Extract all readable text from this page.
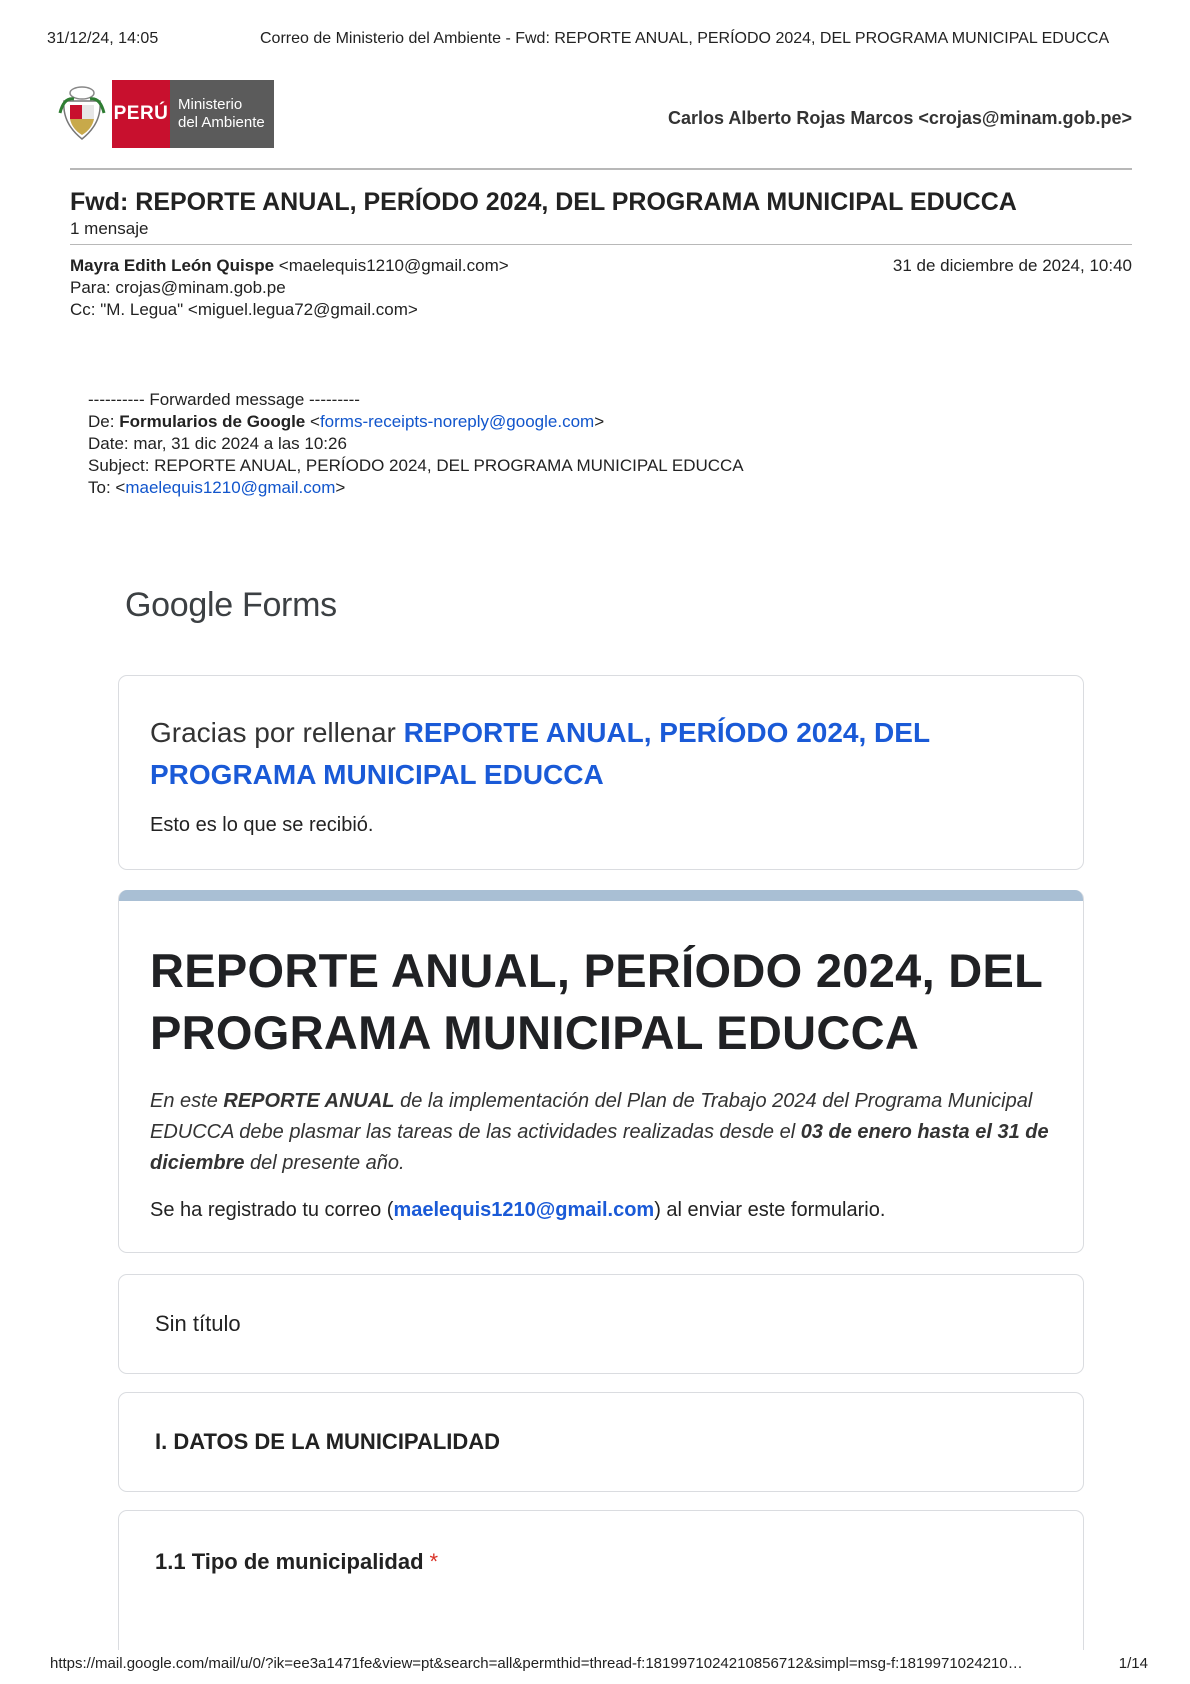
31/12/24, 14:05	Correo de Ministerio del Ambiente - Fwd: REPORTE ANUAL, PERÍODO 2024, DEL PROGRAMA MUNICIPAL EDUCCA
PERÚ Ministerio
del Ambiente	Carlos Alberto Rojas Marcos <crojas@minam.gob.pe>
Fwd: REPORTE ANUAL, PERÍODO 2024, DEL PROGRAMA MUNICIPAL EDUCCA
1 mensaje
Mayra Edith León Quispe <maelequis1210@gmail.com>	31 de diciembre de 2024, 10:40
Para: crojas@minam.gob.pe
Cc: "M. Legua" <miguel.legua72@gmail.com>
---------- Forwarded message ---------
De: Formularios de Google <forms-receipts-noreply@google.com>
Date: mar, 31 dic 2024 a las 10:26
Subject: REPORTE ANUAL, PERÍODO 2024, DEL PROGRAMA MUNICIPAL EDUCCA
To: <maelequis1210@gmail.com>
Google Forms
Gracias por rellenar REPORTE ANUAL, PERÍODO 2024, DEL PROGRAMA MUNICIPAL EDUCCA
Esto es lo que se recibió.
REPORTE ANUAL, PERÍODO 2024, DEL PROGRAMA MUNICIPAL EDUCCA
En este REPORTE ANUAL de la implementación del Plan de Trabajo 2024 del Programa Municipal EDUCCA debe plasmar las tareas de las actividades realizadas desde el 03 de enero hasta el 31 de diciembre del presente año.
Se ha registrado tu correo (maelequis1210@gmail.com) al enviar este formulario.
Sin título
I. DATOS DE LA MUNICIPALIDAD
1.1 Tipo de municipalidad *
https://mail.google.com/mail/u/0/?ik=ee3a1471fe&view=pt&search=all&permthid=thread-f:1819971024210856712&simpl=msg-f:1819971024210…	1/14
